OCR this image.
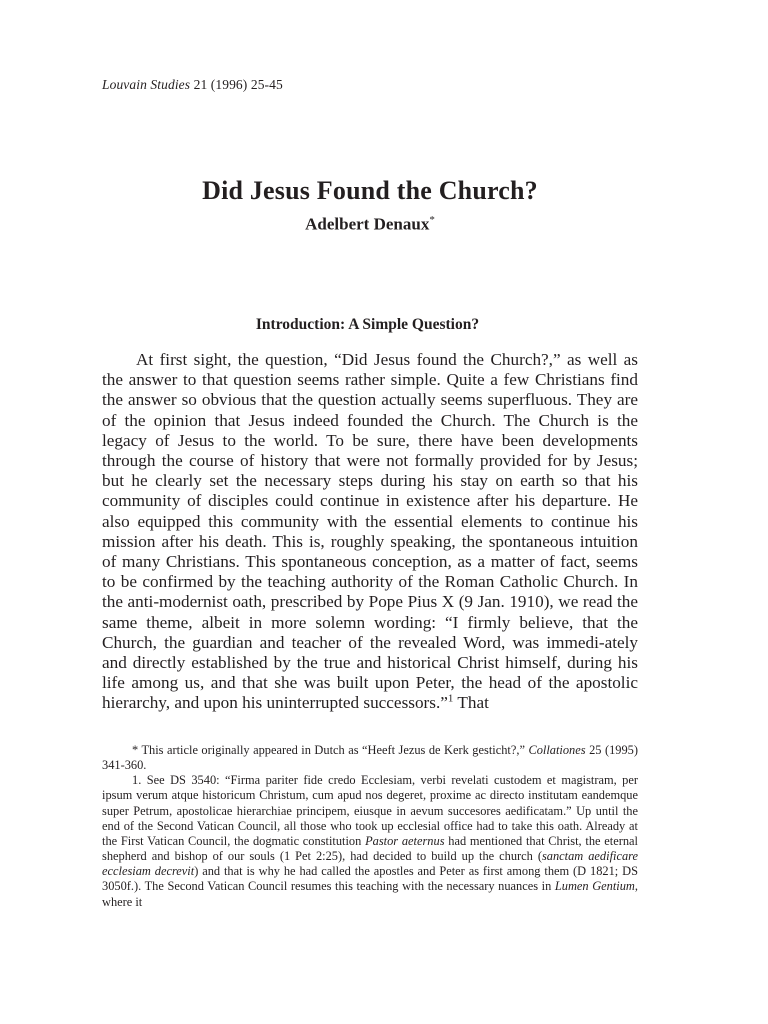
Louvain Studies 21 (1996) 25-45
Did Jesus Found the Church?
Adelbert Denaux*
Introduction: A Simple Question?

At first sight, the question, “Did Jesus found the Church?,” as well as the answer to that question seems rather simple. Quite a few Christians find the answer so obvious that the question actually seems superfluous. They are of the opinion that Jesus indeed founded the Church. The Church is the legacy of Jesus to the world. To be sure, there have been developments through the course of history that were not formally provided for by Jesus; but he clearly set the necessary steps during his stay on earth so that his community of disciples could continue in existence after his departure. He also equipped this community with the essential elements to continue his mission after his death. This is, roughly speaking, the spontaneous intuition of many Christians. This spontaneous conception, as a matter of fact, seems to be confirmed by the teaching authority of the Roman Catholic Church. In the anti-modernist oath, prescribed by Pope Pius X (9 Jan. 1910), we read the same theme, albeit in more solemn wording: “I firmly believe, that the Church, the guardian and teacher of the revealed Word, was immedi-ately and directly established by the true and historical Christ himself, during his life among us, and that she was built upon Peter, the head of the apostolic hierarchy, and upon his uninterrupted successors.”$^1$ That

* This article originally appeared in Dutch as “Heeft Jezus de Kerk gesticht?,” Collationes 25 (1995) 341-360.

1. See DS 3540: “Firma pariter fide credo Ecclesiam, verbi revelati custodem et magistram, per ipsum verum atque historicum Christum, cum apud nos degeret, proxime ac directo institutam eandemque super Petrum, apostolicae hierarchiae principem, eiusque in aevum succesores aedificatam.” Up until the end of the Second Vatican Council, all those who took up ecclesial office had to take this oath. Already at the First Vatican Council, the dogmatic constitution Pastor aeternus had mentioned that Christ, the eternal shepherd and bishop of our souls (1 Pet 2:25), had decided to build up the church (sanctam aedificare ecclesiam decrevit) and that is why he had called the apostles and Peter as first among them (D 1821; DS 3050f.). The Second Vatican Council resumes this teaching with the necessary nuances in Lumen Gentium, where it
